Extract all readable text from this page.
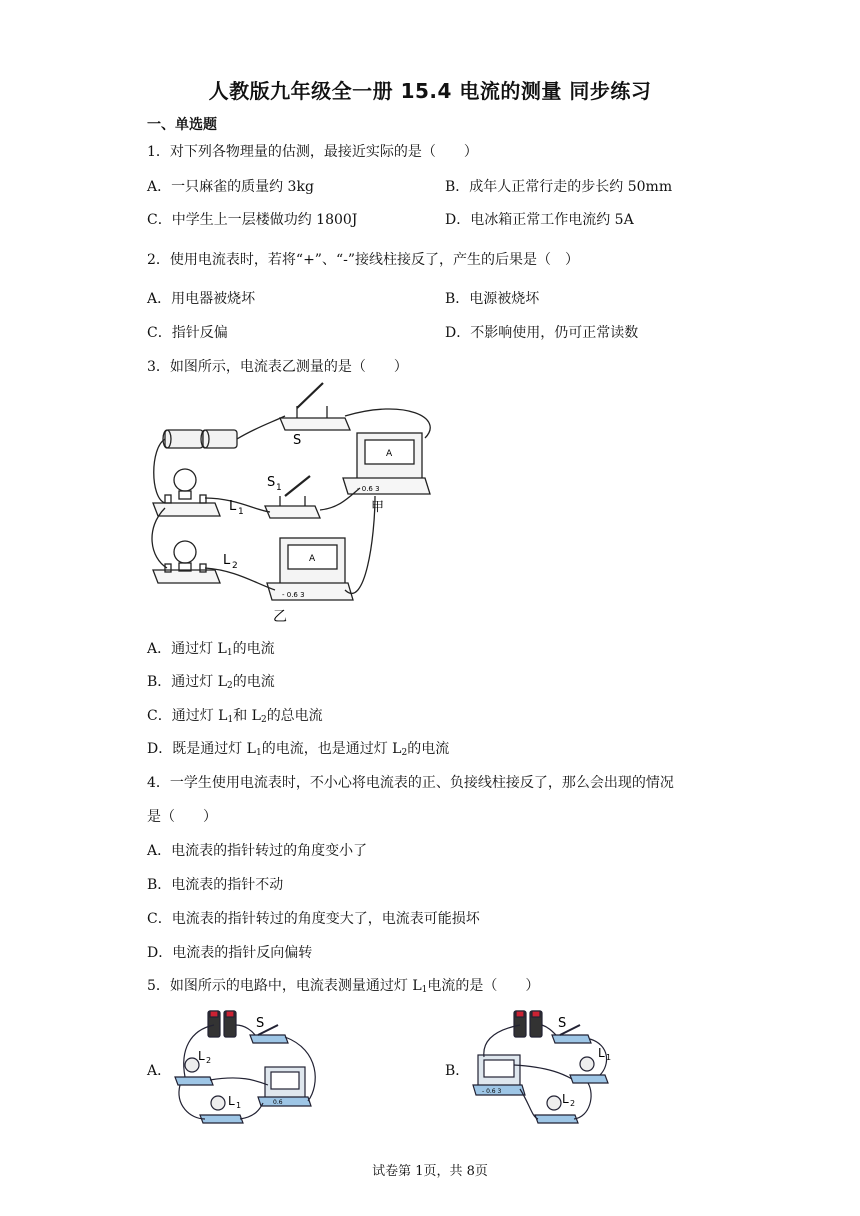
人教版九年级全一册 15.4 电流的测量 同步练习
一、单选题
1．对下列各物理量的估测，最接近实际的是（　　）
A．一只麻雀的质量约 3kg	B．成年人正常行走的步长约 50mm
C．中学生上一层楼做功约 1800J	D．电冰箱正常工作电流约 5A
2．使用电流表时，若将“+”、“-”接线柱接反了，产生的后果是（　）
A．用电器被烧坏	B．电源被烧坏
C．指针反偏	D．不影响使用，仍可正常读数
3．如图所示，电流表乙测量的是（　　）
S
S 1
L 1
L 2
甲
乙
A
A
- 0.6 3
- 0.6 3
A．通过灯 $L_1$的电流
B．通过灯 $L_2$的电流
C．通过灯 $L_1$和 $L_2$的总电流
D．既是通过灯 $L_1$的电流，也是通过灯 $L_2$的电流
4．一学生使用电流表时，不小心将电流表的正、负接线柱接反了，那么会出现的情况
是（　　）
A．电流表的指针转过的角度变小了
B．电流表的指针不动
C．电流表的指针转过的角度变大了，电流表可能损坏
D．电流表的指针反向偏转
5．如图所示的电路中，电流表测量通过灯 $L_1$电流的是（　　）
A．
S
L 2
L 1	0.6
B．
S
L 1
L 2
- 0.6 3
试卷第 1页，共 8页
